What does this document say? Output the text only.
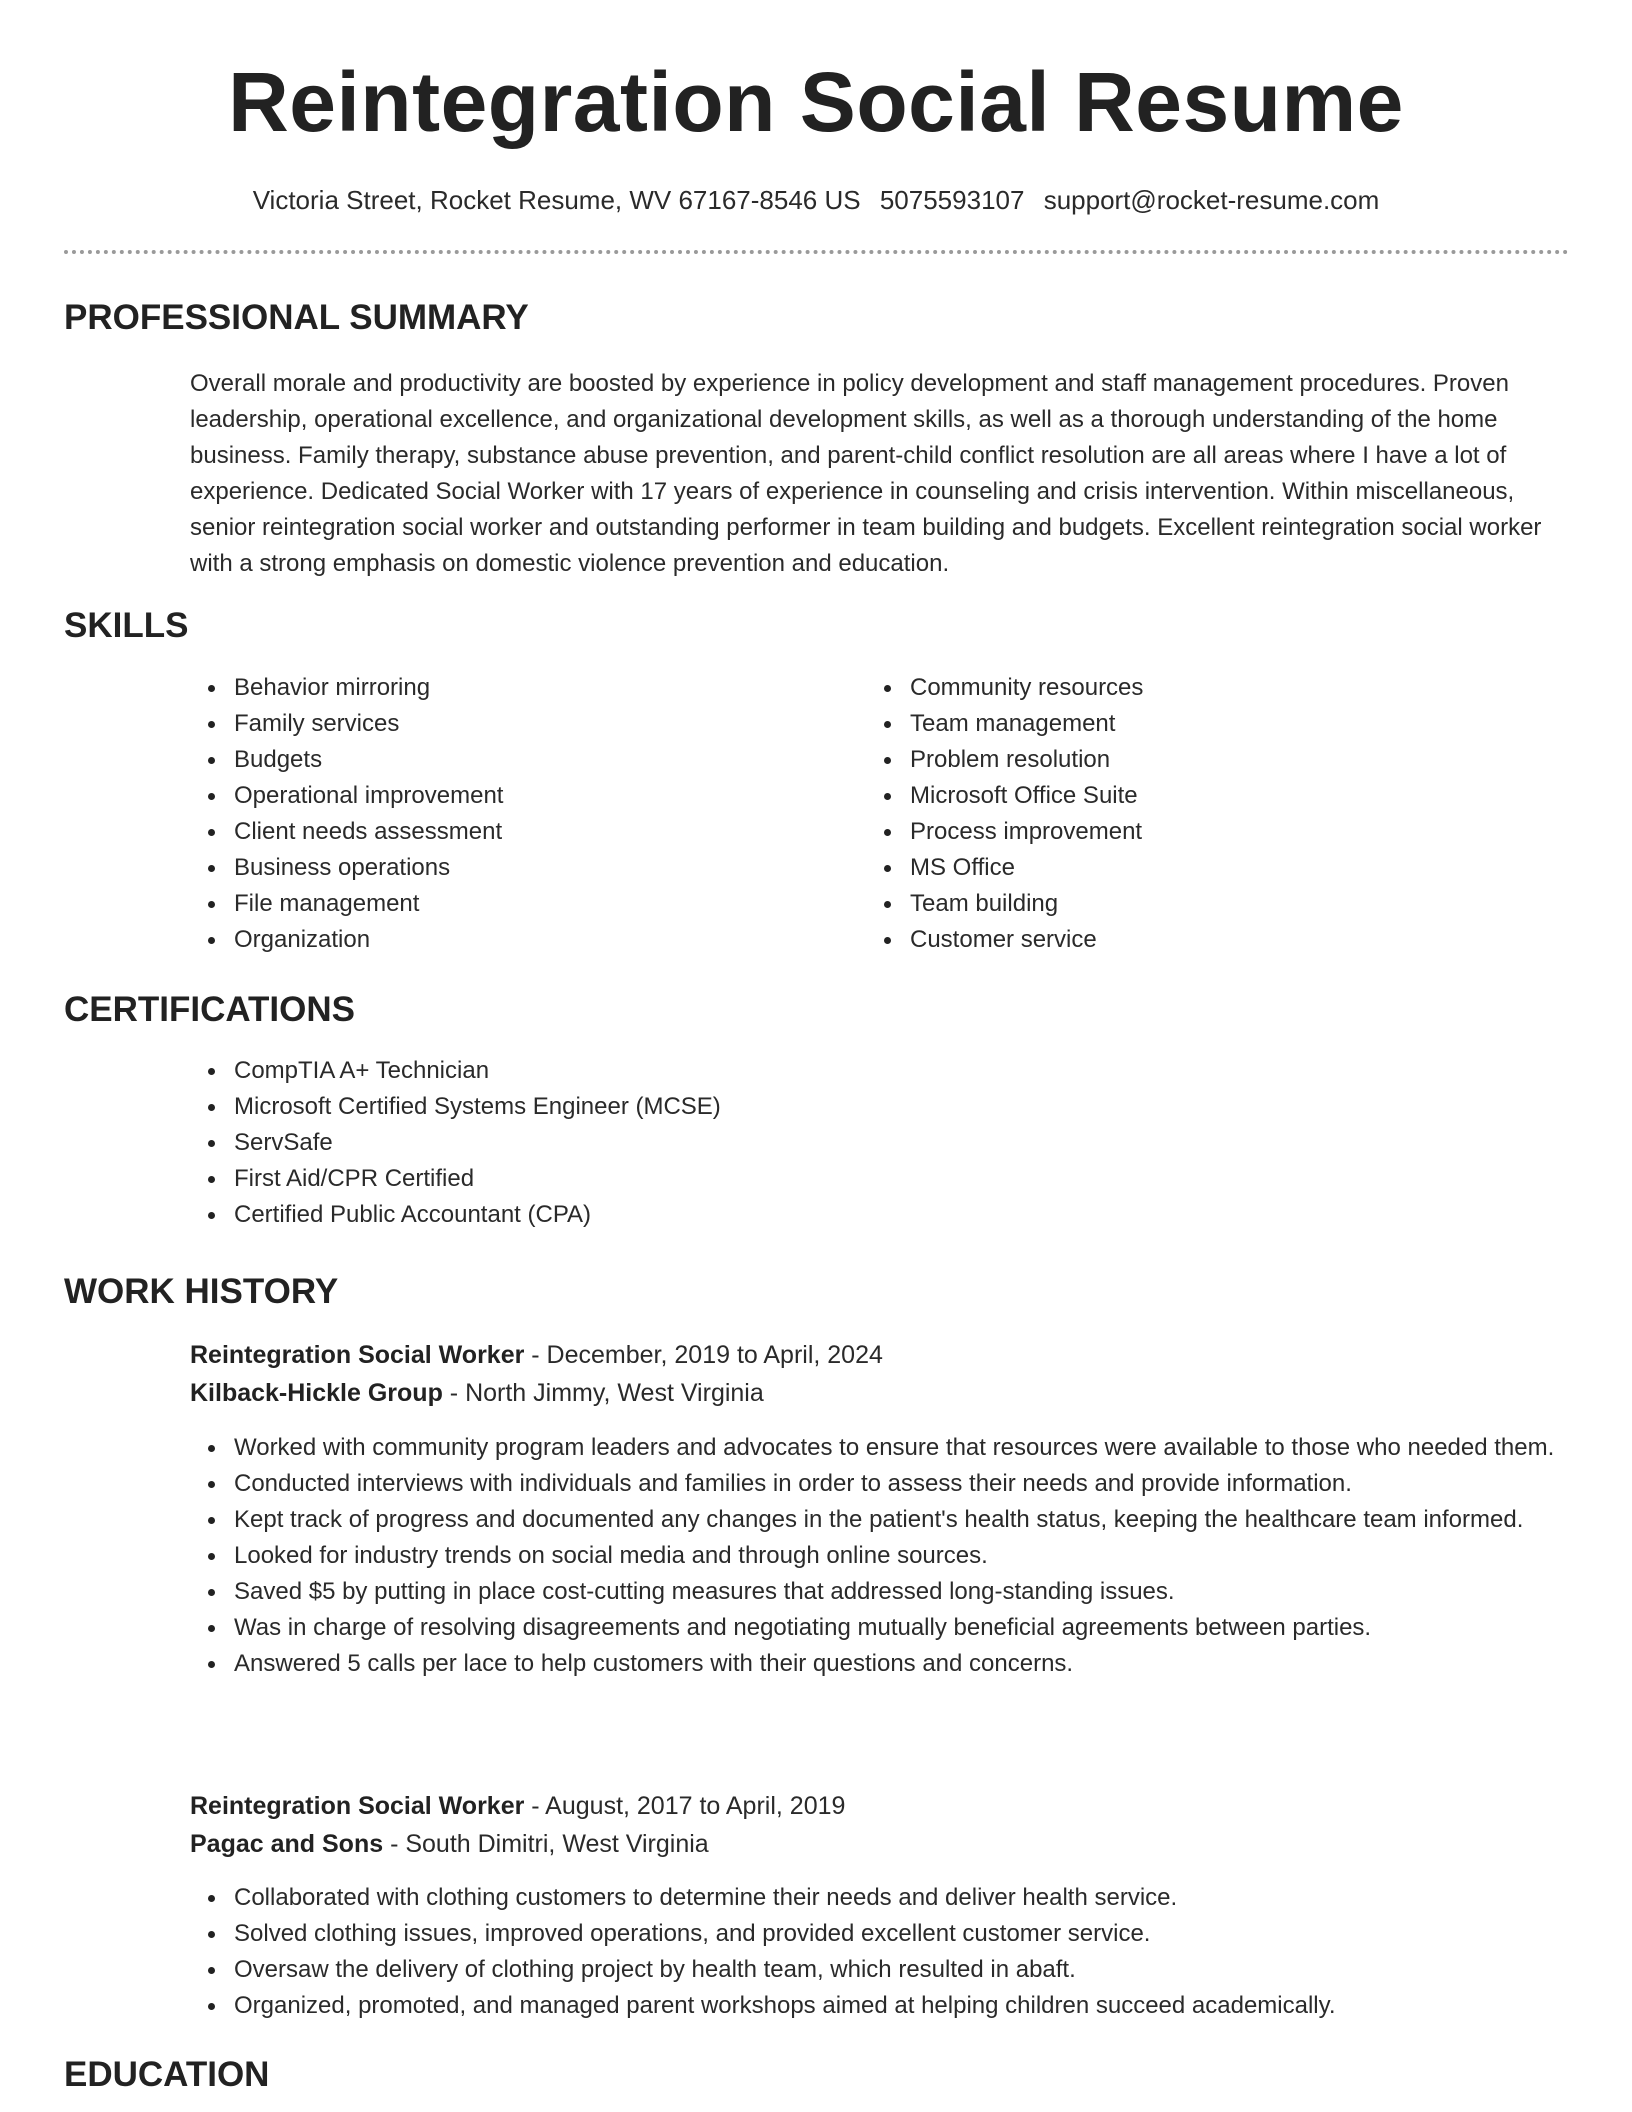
Reintegration Social Resume
Victoria Street, Rocket Resume, WV 67167-8546 US 5075593107 support@rocket-resume.com
PROFESSIONAL SUMMARY

Overall morale and productivity are boosted by experience in policy development and staff management procedures. Proven leadership, operational excellence, and organizational development skills, as well as a thorough understanding of the home business. Family therapy, substance abuse prevention, and parent-child conflict resolution are all areas where I have a lot of experience. Dedicated Social Worker with 17 years of experience in counseling and crisis intervention. Within miscellaneous, senior reintegration social worker and outstanding performer in team building and budgets. Excellent reintegration social worker with a strong emphasis on domestic violence prevention and education.

SKILLS
Behavior mirroring
Family services
Budgets
Operational improvement
Client needs assessment
Business operations
File management
Organization
Community resources
Team management
Problem resolution
Microsoft Office Suite
Process improvement
MS Office
Team building
Customer service
CERTIFICATIONS
CompTIA A+ Technician
Microsoft Certified Systems Engineer (MCSE)
ServSafe
First Aid/CPR Certified
Certified Public Accountant (CPA)
WORK HISTORY
Reintegration Social Worker - December, 2019 to April, 2024
Kilback-Hickle Group - North Jimmy, West Virginia
Worked with community program leaders and advocates to ensure that resources were available to those who needed them.
Conducted interviews with individuals and families in order to assess their needs and provide information.
Kept track of progress and documented any changes in the patient's health status, keeping the healthcare team informed.
Looked for industry trends on social media and through online sources.
Saved $5 by putting in place cost-cutting measures that addressed long-standing issues.
Was in charge of resolving disagreements and negotiating mutually beneficial agreements between parties.
Answered 5 calls per lace to help customers with their questions and concerns.
Reintegration Social Worker - August, 2017 to April, 2019
Pagac and Sons - South Dimitri, West Virginia
Collaborated with clothing customers to determine their needs and deliver health service.
Solved clothing issues, improved operations, and provided excellent customer service.
Oversaw the delivery of clothing project by health team, which resulted in abaft.
Organized, promoted, and managed parent workshops aimed at helping children succeed academically.
EDUCATION
